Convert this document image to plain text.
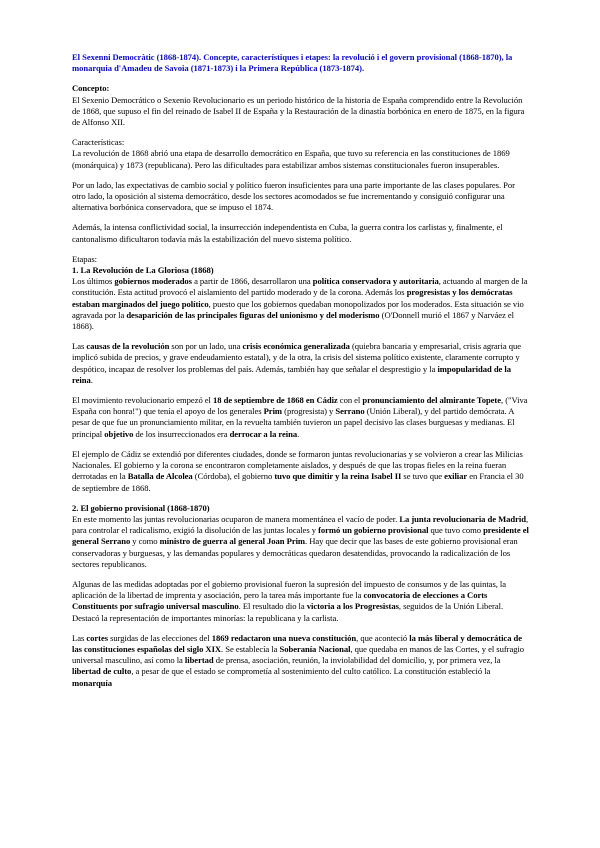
El Sexenni Democràtic (1868-1874). Concepte, característiques i etapes: la revolució i el govern provisional (1868-1870), la monarquia d'Amadeu de Savoia (1871-1873) i la Primera República (1873-1874).

Concepto:

El Sexenio Democrático o Sexenio Revolucionario es un periodo histórico de la historia de España comprendido entre la Revolución de 1868, que supuso el fin del reinado de Isabel II de España y la Restauración de la dinastía borbónica en enero de 1875, en la figura de Alfonso XII.

Características:

La revolución de 1868 abrió una etapa de desarrollo democrático en España, que tuvo su referencia en las constituciones de 1869 (monárquica) y 1873 (republicana). Pero las dificultades para estabilizar ambos sistemas constitucionales fueron insuperables.

Por un lado, las expectativas de cambio social y político fueron insuficientes para una parte importante de las clases populares. Por otro lado, la oposición al sistema democrático, desde los sectores acomodados se fue incrementando y consiguió configurar una alternativa borbónica conservadora, que se impuso el 1874.

Además, la intensa conflictividad social, la insurrección independentista en Cuba, la guerra contra los carlistas y, finalmente, el cantonalismo dificultaron todavía más la estabilización del nuevo sistema político.

Etapas:

1. La Revolución de La Gloriosa (1868)

Los últimos gobiernos moderados a partir de 1866, desarrollaron una política conservadora y autoritaria, actuando al margen de la constitución. Esta actitud provocó el aislamiento del partido moderado y de la corona. Además los progresistas y los demócratas estaban marginados del juego político, puesto que los gobiernos quedaban monopolizados por los moderados. Esta situación se vio agravada por la desaparición de las principales figuras del unionismo y del moderismo (O'Donnell murió el 1867 y Narváez el 1868).

Las causas de la revolución son por un lado, una crisis económica generalizada (quiebra bancaria y empresarial, crisis agraria que implicó subida de precios, y grave endeudamiento estatal), y de la otra, la crisis del sistema político existente, claramente corrupto y despótico, incapaz de resolver los problemas del país. Además, también hay que señalar el desprestigio y la impopularidad de la reina.

El movimiento revolucionario empezó el 18 de septiembre de 1868 en Cádiz con el pronunciamiento del almirante Topete, ("Viva España con honra!") que tenía el apoyo de los generales Prim (progresista) y Serrano (Unión Liberal), y del partido demócrata. A pesar de que fue un pronunciamiento militar, en la revuelta también tuvieron un papel decisivo las clases burguesas y medianas. El principal objetivo de los insurreccionados era derrocar a la reina.

El ejemplo de Cádiz se extendió por diferentes ciudades, donde se formaron juntas revolucionarias y se volvieron a crear las Milicias Nacionales. El gobierno y la corona se encontraron completamente aislados, y después de que las tropas fieles en la reina fueran derrotadas en la Batalla de Alcolea (Córdoba), el gobierno tuvo que dimitir y la reina Isabel II se tuvo que exiliar en Francia el 30 de septiembre de 1868.

2. El gobierno provisional (1868-1870)

En este momento las juntas revolucionarias ocuparon de manera momentánea el vacío de poder. La junta revolucionaria de Madrid, para controlar el radicalismo, exigió la disolución de las juntas locales y formó un gobierno provisional que tuvo como presidente el general Serrano y como ministro de guerra al general Joan Prim. Hay que decir que las bases de este gobierno provisional eran conservadoras y burguesas, y las demandas populares y democráticas quedaron desatendidas, provocando la radicalización de los sectores republicanos.

Algunas de las medidas adoptadas por el gobierno provisional fueron la supresión del impuesto de consumos y de las quintas, la aplicación de la libertad de imprenta y asociación, pero la tarea más importante fue la convocatoria de elecciones a Corts Constituents por sufragio universal masculino. El resultado dio la victoria a los Progresistas, seguidos de la Unión Liberal. Destacó la representación de importantes minorías: la republicana y la carlista.

Las cortes surgidas de las elecciones del 1869 redactaron una nueva constitución, que aconteció la más liberal y democrática de las constituciones españolas del siglo XIX. Se establecía la Soberanía Nacional, que quedaba en manos de las Cortes, y el sufragio universal masculino, así como la libertad de prensa, asociación, reunión, la inviolabilidad del domicilio, y, por primera vez, la libertad de culto, a pesar de que el estado se comprometía al sostenimiento del culto católico. La constitución estableció la monarquía
